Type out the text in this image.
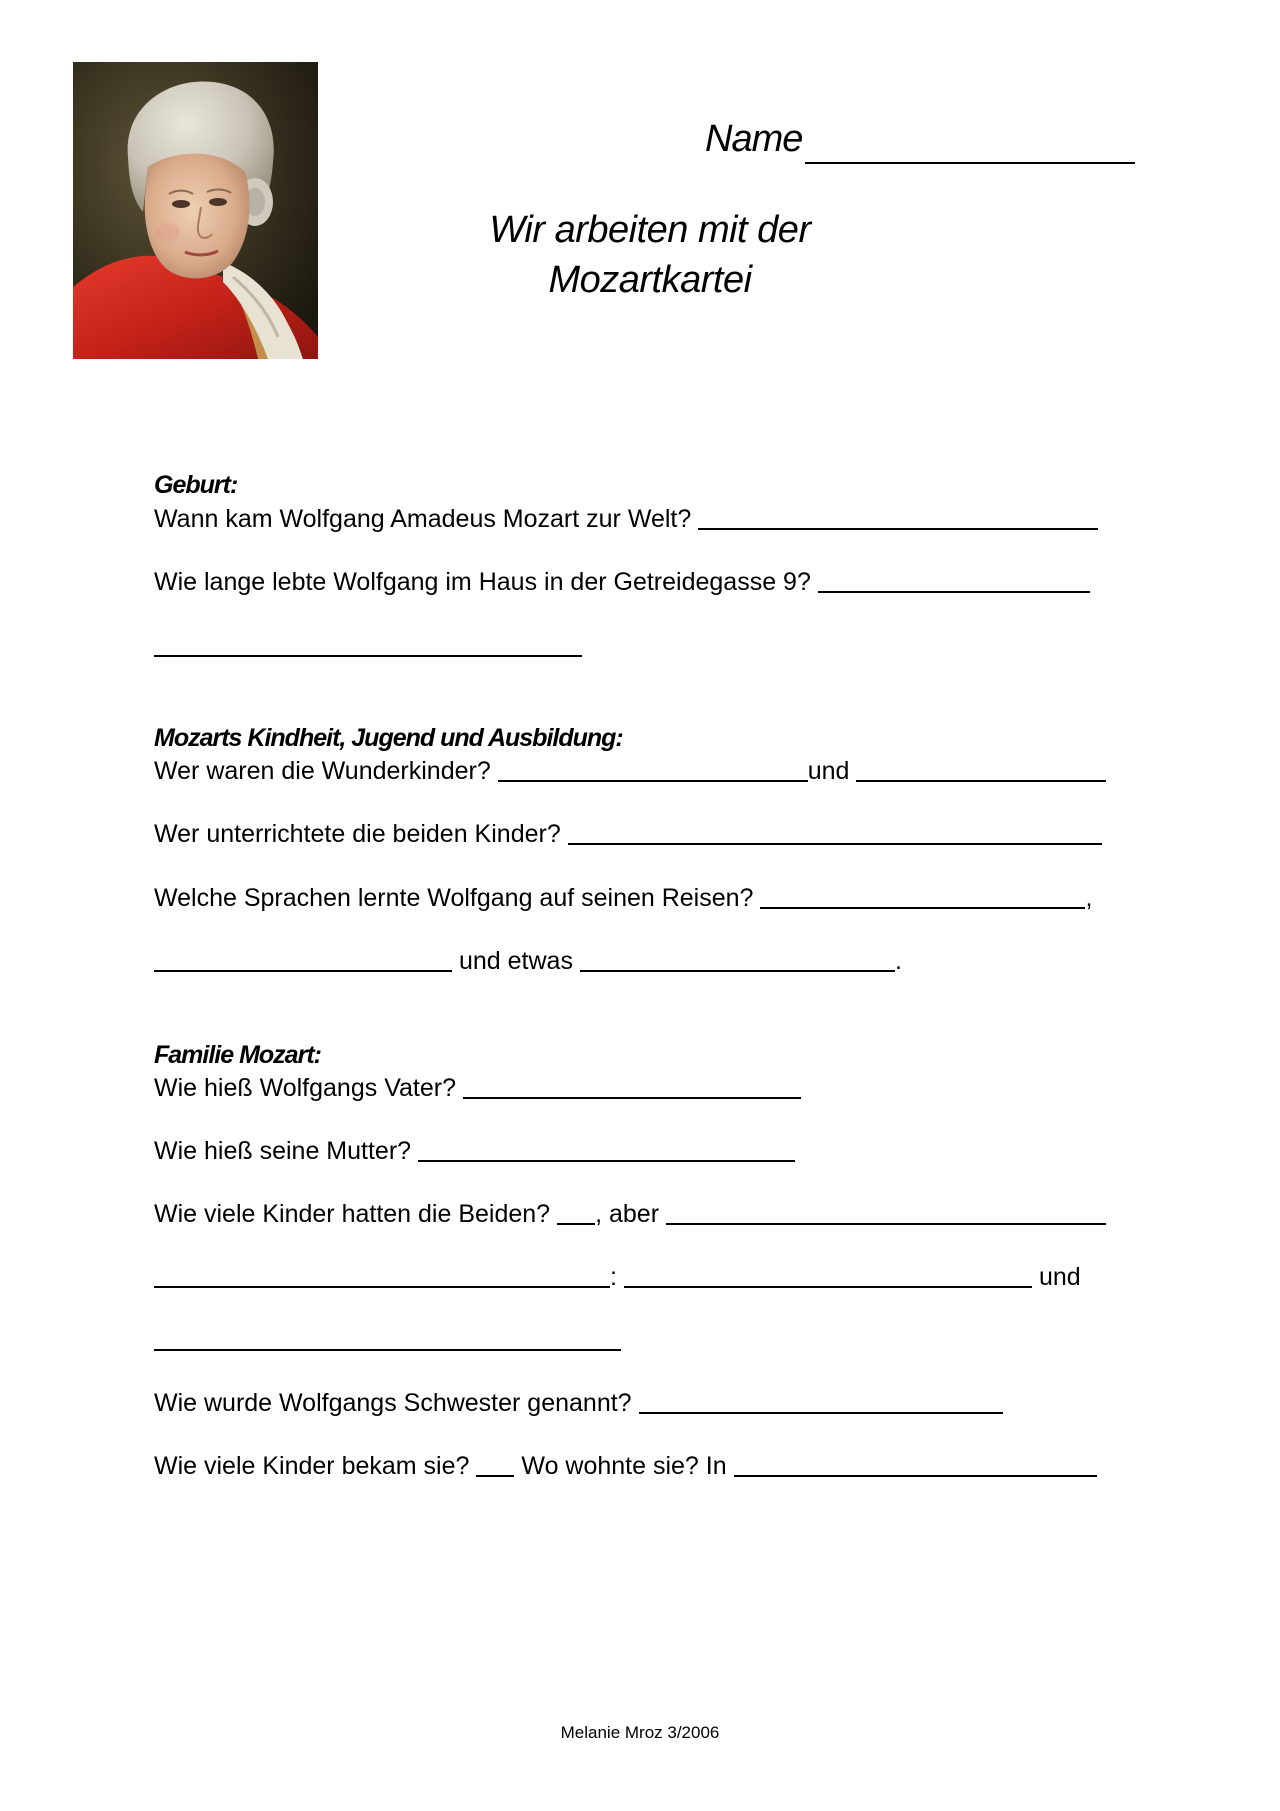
Name
Wir arbeiten mit der
Mozartkartei
Geburt:
Wann kam Wolfgang Amadeus Mozart zur Welt?
Wie lange lebte Wolfgang im Haus in der Getreidegasse 9?
Mozarts Kindheit, Jugend und Ausbildung:
Wer waren die Wunderkinder?	und
Wer unterrichtete die beiden Kinder?
Welche Sprachen lernte Wolfgang auf seinen Reisen?	,
und etwas	.
Familie Mozart:
Wie hieß Wolfgangs Vater?
Wie hieß seine Mutter?
Wie viele Kinder hatten die Beiden? , aber
:	und
Wie wurde Wolfgangs Schwester genannt?
Wie viele Kinder bekam sie? Wo wohnte sie? In
Melanie Mroz 3/2006
